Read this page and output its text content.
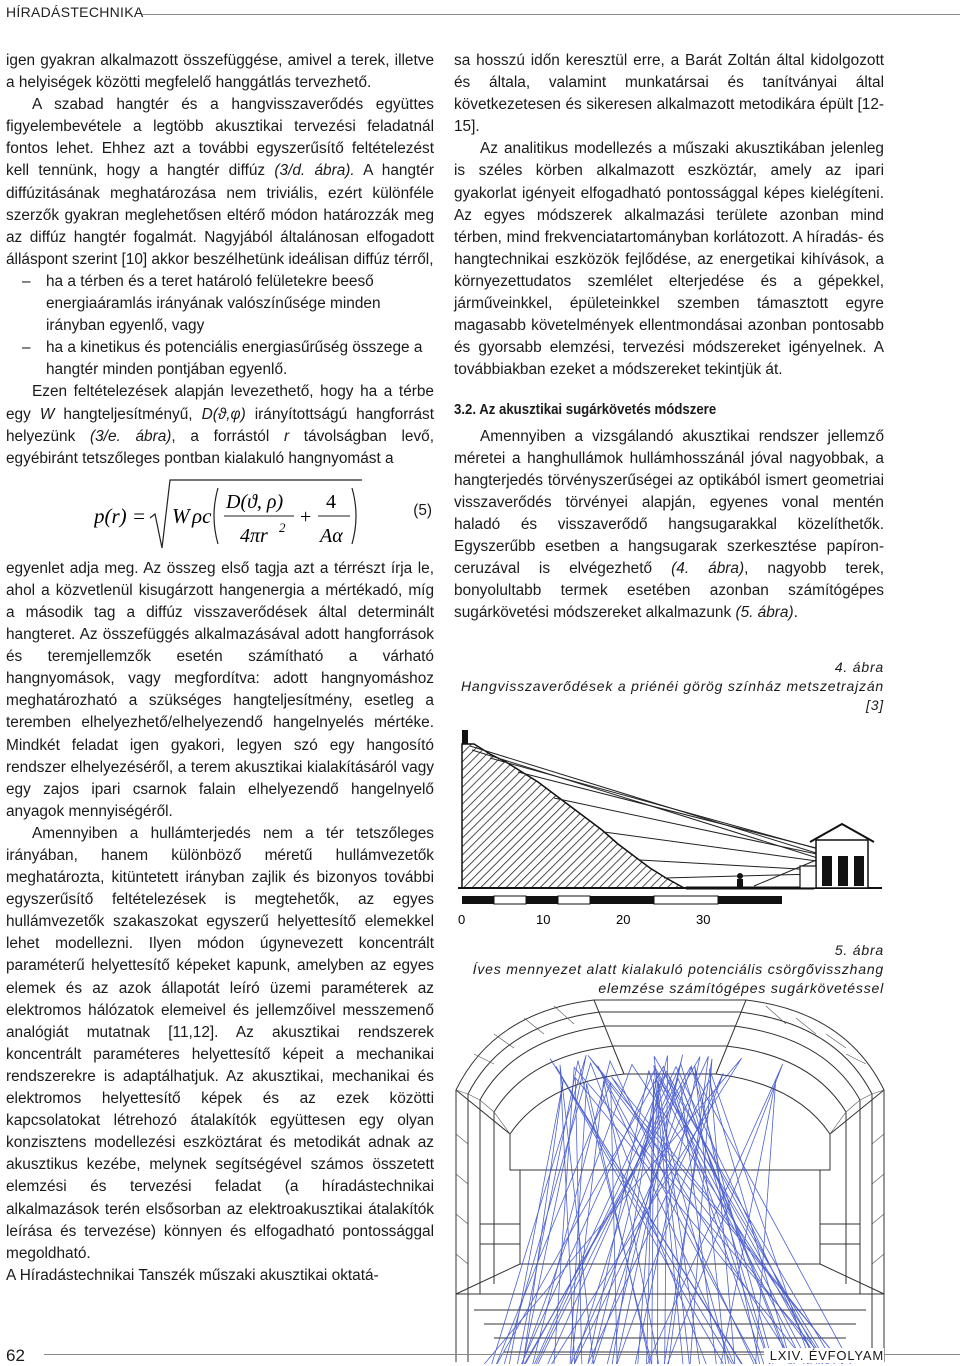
HÍRADÁSTECHNIKA

igen gyakran alkalmazott összefüggése, amivel a terek, illetve a helyiségek közötti megfelelő hanggátlás tervezhető.

A szabad hangtér és a hangvisszaverődés együttes figyelembevétele a legtöbb akusztikai tervezési feladatnál fontos lehet. Ehhez azt a további egyszerűsítő feltételezést kell tennünk, hogy a hangtér diffúz (3/d. ábra). A hangtér diffúzitásának meghatározása nem triviális, ezért különféle szerzők gyakran meglehetősen eltérő módon határozzák meg az diffúz hangtér fogalmát. Nagyjából általánosan elfogadott álláspont szerint [10] akkor beszélhetünk ideálisan diffúz térről,

– ha a térben és a teret határoló felületekre beeső energiaáramlás irányának valószínűsége minden irányban egyenlő, vagy
– ha a kinetikus és potenciális energiasűrűség összege a hangtér minden pontjában egyenlő.

Ezen feltételezések alapján levezethető, hogy ha a térbe egy W hangteljesítményű, D(ϑ,φ) irányítottságú hangforrást helyezünk (3/e. ábra), a forrástól r távolságban levő, egyébiránt tetszőleges pontban kialakuló hangnyomást a

p(r) = W ρc
D(ϑ, ρ)
4πr 2 +
4
Aα
(5)

egyenlet adja meg. Az összeg első tagja azt a térrészt írja le, ahol a közvetlenül kisugárzott hangenergia a mértékadó, míg a második tag a diffúz visszaverődések által determinált hangteret. Az összefüggés alkalmazásával adott hangforrások és teremjellemzők esetén számítható a várható hangnyomások, vagy megfordítva: adott hangnyomáshoz meghatározható a szükséges hangteljesítmény, esetleg a teremben elhelyezhető/elhelyezendő hangelnyelés mértéke. Mindkét feladat igen gyakori, legyen szó egy hangosító rendszer elhelyezéséről, a terem akusztikai kialakításáról vagy egy zajos ipari csarnok falain elhelyezendő hangelnyelő anyagok mennyiségéről.

Amennyiben a hullámterjedés nem a tér tetszőleges irányában, hanem különböző méretű hullámvezetők meghatározta, kitüntetett irányban zajlik és bizonyos további egyszerűsítő feltételezések is megtehetők, az egyes hullámvezetők szakaszokat egyszerű helyettesítő elemekkel lehet modellezni. Ilyen módon úgynevezett koncentrált paraméterű helyettesítő képeket kapunk, amelyben az egyes elemek és az azok állapotát leíró üzemi paraméterek az elektromos hálózatok elemeivel és jellemzőivel messzemenő analógiát mutatnak [11,12]. Az akusztikai rendszerek koncentrált paraméteres helyettesítő képeit a mechanikai rendszerekre is adaptálhatjuk. Az akusztikai, mechanikai és elektromos helyettesítő képek és az ezek közötti kapcsolatokat létrehozó átalakítók együttesen egy olyan konzisztens modellezési eszköztárat és metodikát adnak az akusztikus kezébe, melynek segítségével számos összetett elemzési és tervezési feladat (a híradástechnikai alkalmazások terén elsősorban az elektroakusztikai átalakítók leírása és tervezése) könnyen és elfogadható pontossággal megoldható.

A Híradástechnikai Tanszék műszaki akusztikai oktatá-

sa hosszú időn keresztül erre, a Barát Zoltán által kidolgozott és általa, valamint munkatársai és tanítványai által következetesen és sikeresen alkalmazott metodikára épült [12-15].

Az analitikus modellezés a műszaki akusztikában jelenleg is széles körben alkalmazott eszköztár, amely az ipari gyakorlat igényeit elfogadható pontossággal képes kielégíteni. Az egyes módszerek alkalmazási területe azonban mind térben, mind frekvenciatartományban korlátozott. A híradás- és hangtechnikai eszközök fejlődése, az energetikai kihívások, a környezettudatos szemlélet elterjedése és a gépekkel, járműveinkkel, épületeinkkel szemben támasztott egyre magasabb követelmények ellentmondásai azonban pontosabb és gyorsabb elemzési, tervezési módszereket igényelnek. A továbbiakban ezeket a módszereket tekintjük át.

3.2. Az akusztikai sugárkövetés módszere

Amennyiben a vizsgálandó akusztikai rendszer jellemző méretei a hanghullámok hullámhosszánál jóval nagyobbak, a hangterjedés törvényszerűségei az optikából ismert geometriai visszaverődés törvényei alapján, egyenes vonal mentén haladó és visszaverődő hangsugarakkal közelíthetők. Egyszerűbb esetben a hangsugarak szerkesztése papíron-ceruzával is elvégezhető (4. ábra), nagyobb terek, bonyolultabb termek esetében azonban számítógépes sugárkövetési módszereket alkalmazunk (5. ábra).

4. ábra
Hangvisszaverődések a priénéi görög színház metszetrajzán [3]
0	10	20	30
5. ábra
Íves mennyezet alatt kialakuló potenciális csörgővisszhang elemzése számítógépes sugárkövetéssel
62	LXIV. ÉVFOLYAM
